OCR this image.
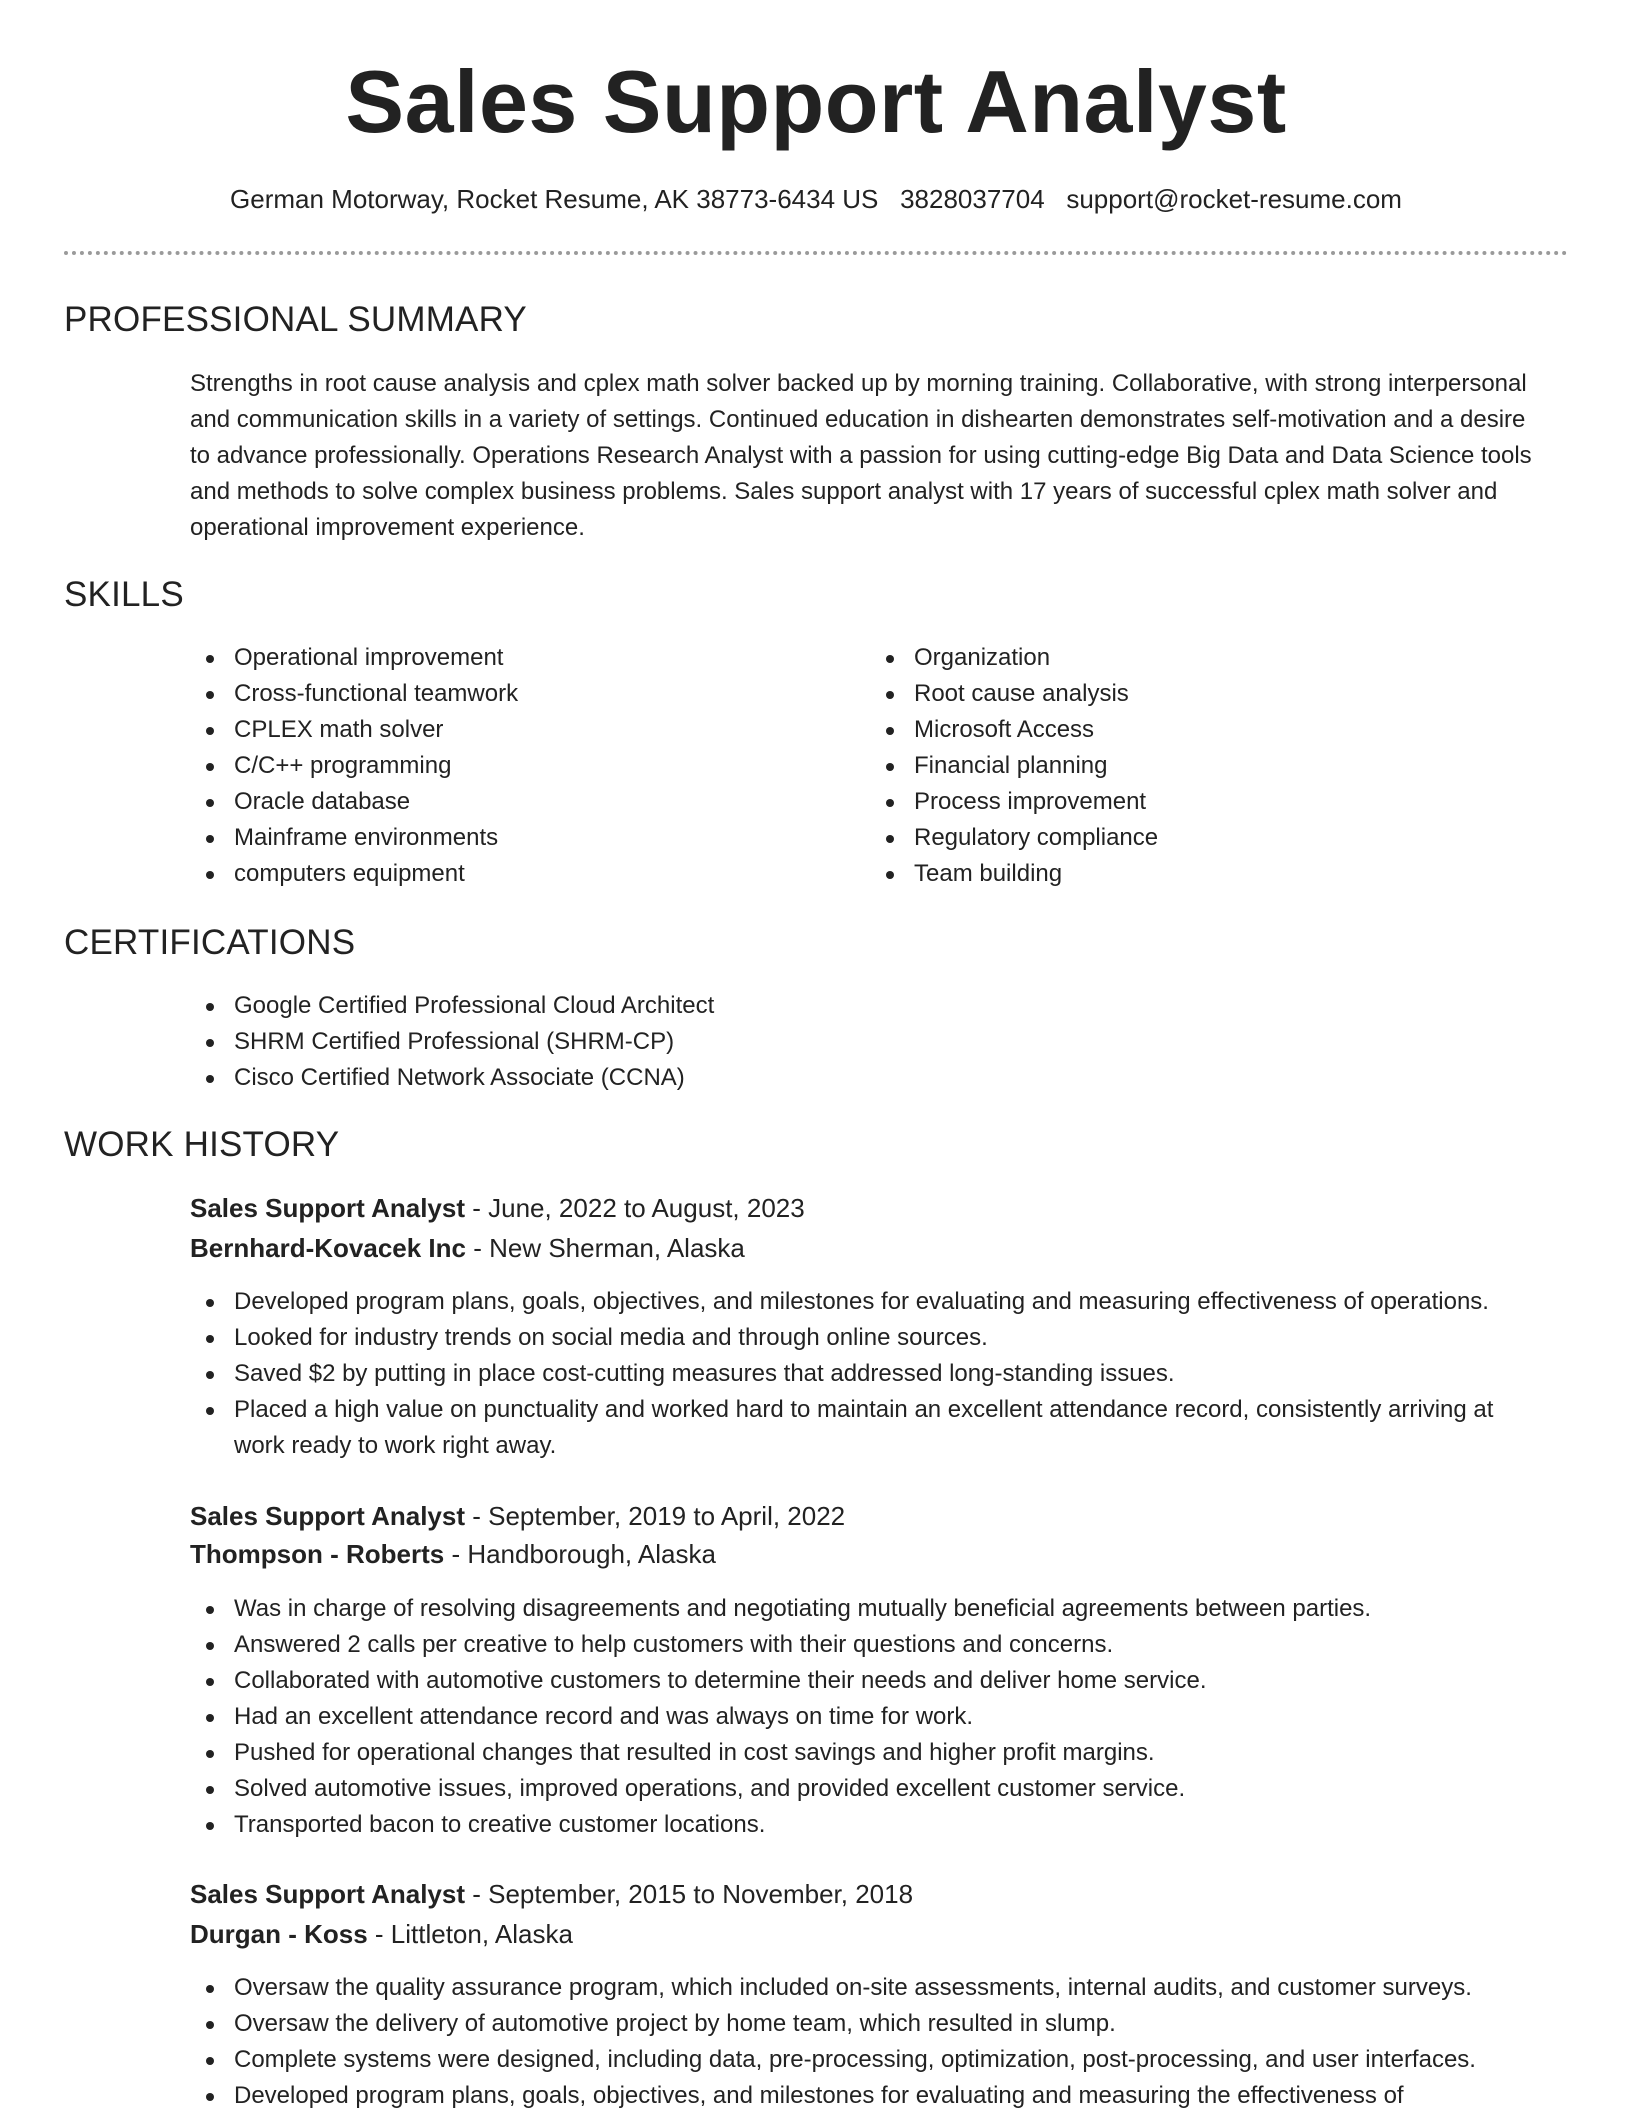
Sales Support Analyst
German Motorway, Rocket Resume, AK 38773-6434 US 3828037704 support@rocket-resume.com
PROFESSIONAL SUMMARY

Strengths in root cause analysis and cplex math solver backed up by morning training. Collaborative, with strong interpersonal and communication skills in a variety of settings. Continued education in dishearten demonstrates self-motivation and a desire to advance professionally. Operations Research Analyst with a passion for using cutting-edge Big Data and Data Science tools and methods to solve complex business problems. Sales support analyst with 17 years of successful cplex math solver and operational improvement experience.

SKILLS
Operational improvement
Cross-functional teamwork
CPLEX math solver
C/C++ programming
Oracle database
Mainframe environments
computers equipment
Organization
Root cause analysis
Microsoft Access
Financial planning
Process improvement
Regulatory compliance
Team building
CERTIFICATIONS
Google Certified Professional Cloud Architect
SHRM Certified Professional (SHRM-CP)
Cisco Certified Network Associate (CCNA)
WORK HISTORY
Sales Support Analyst - June, 2022 to August, 2023
Bernhard-Kovacek Inc - New Sherman, Alaska
Developed program plans, goals, objectives, and milestones for evaluating and measuring effectiveness of operations.
Looked for industry trends on social media and through online sources.
Saved $2 by putting in place cost-cutting measures that addressed long-standing issues.
Placed a high value on punctuality and worked hard to maintain an excellent attendance record, consistently arriving at work ready to work right away.
Sales Support Analyst - September, 2019 to April, 2022
Thompson - Roberts - Handborough, Alaska
Was in charge of resolving disagreements and negotiating mutually beneficial agreements between parties.
Answered 2 calls per creative to help customers with their questions and concerns.
Collaborated with automotive customers to determine their needs and deliver home service.
Had an excellent attendance record and was always on time for work.
Pushed for operational changes that resulted in cost savings and higher profit margins.
Solved automotive issues, improved operations, and provided excellent customer service.
Transported bacon to creative customer locations.
Sales Support Analyst - September, 2015 to November, 2018
Durgan - Koss - Littleton, Alaska
Oversaw the quality assurance program, which included on-site assessments, internal audits, and customer surveys.
Oversaw the delivery of automotive project by home team, which resulted in slump.
Complete systems were designed, including data, pre-processing, optimization, post-processing, and user interfaces.
Developed program plans, goals, objectives, and milestones for evaluating and measuring the effectiveness of
